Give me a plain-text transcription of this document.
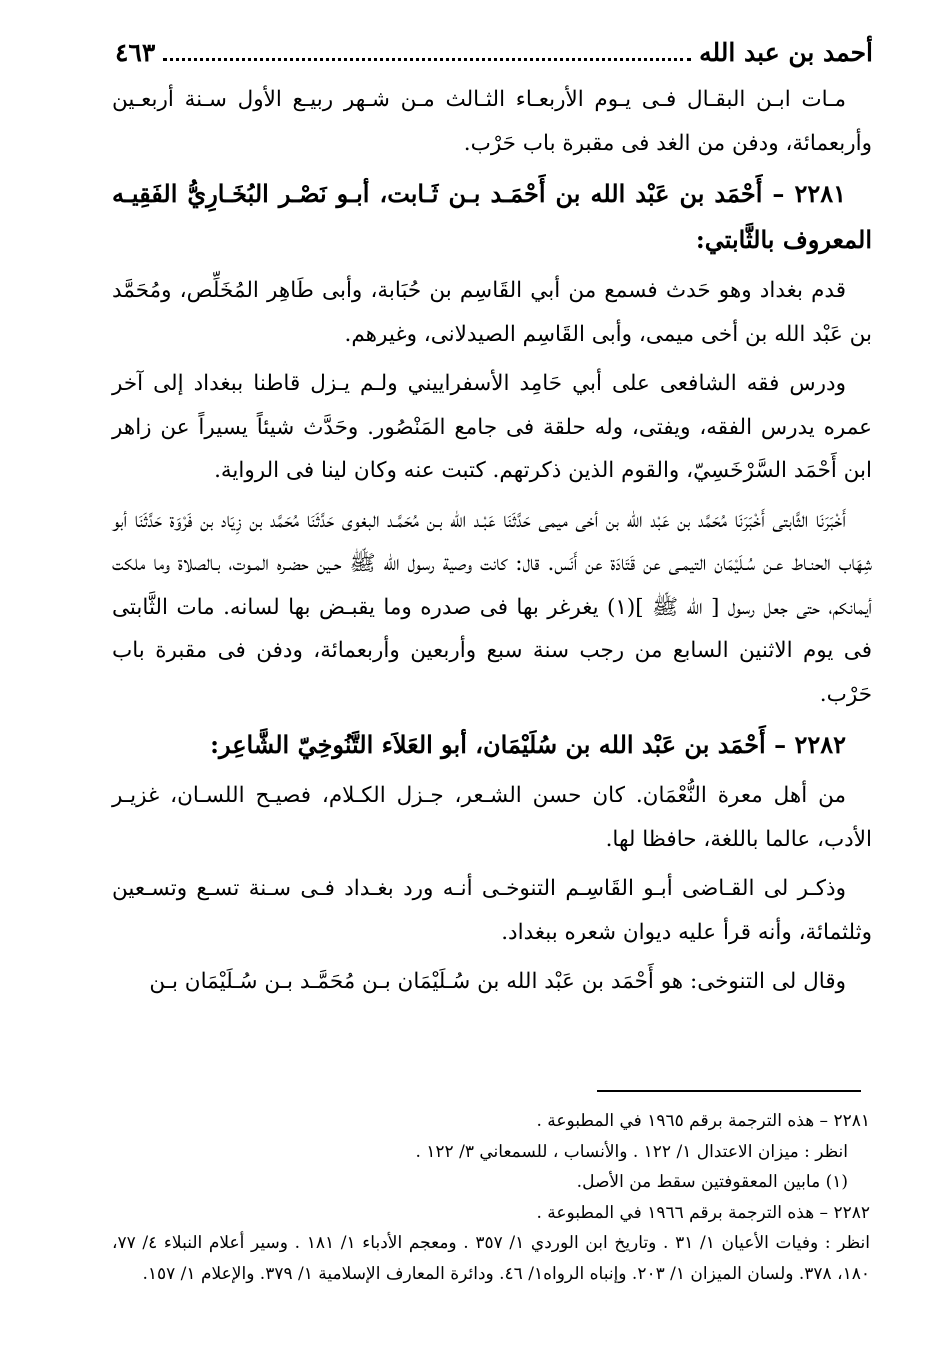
أحمد بن عبد الله
٤٦٣

مـات ابـن البقـال فـى يـوم الأربعـاء الثـالث مـن شـهر ربيـع الأول سـنة أربعـين وأربعمائة، ودفن من الغد فى مقبرة باب حَرْب.

٢٢٨١ – أَحْمَد بن عَبْد الله بن أَحْمَـد بـن ثَـابت، أبـو نَصْـر البُخَـارِيُّ الفَقِيـه المعروف بالثَّابتي:

قدم بغداد وهو حَدث فسمع من أبي القَاسِم بن حُبَابة، وأبى طَاهِر المُخَلِّص، ومُحَمَّد بن عَبْد الله بن أخى ميمى، وأبى القَاسِم الصيدلانى، وغيرهم.

ودرس فقه الشافعى على أبي حَامِد الأسفراييني ولـم يـزل قاطنا ببغداد إلى آخر عمره يدرس الفقه، ويفتى، وله حلقة فى جامع المَنْصُور. وحَدَّث شيئاً يسيراً عن زاهر ابن أَحْمَد السَّرْخَسِيّ، والقوم الذين ذكرتهم. كتبت عنه وكان لينا فى الرواية.

أَخْبَرَنَا الثَّابتى أَخْبَرَنَا مُحَمَّد بن عَبْد الله بن أخى ميمى حَدَّثَنَا عَبْـد الله بـن مُحَمَّـد البغوى حَدَّثَنَا مُحَمَّد بن زِيَاد بن فَرْوَة حَدَّثَنَا أبو شِهَاب الحنـاط عـن سُـلَيْمَان التيمـى عن قَتَادَة عن أَنَس. قال: كانت وصية رسول الله ﷺ حـين حضـره المـوت، بـالصلاة وما ملكت أيمانكم، حتى جعل رسول [ الله ﷺ ](١) يغرغر بها فى صدره وما يقبـض بها لسانه. مات الثَّابتى فى يوم الاثنين السابع من رجب سنة سبع وأربعين وأربعمائة، ودفن فى مقبرة باب حَرْب.

٢٢٨٢ – أَحْمَد بن عَبْد الله بن سُلَيْمَان، أبو العَلاَء التَّنُوخِيّ الشَّاعِر:

من أهل معرة النُّعْمَان. كان حسن الشـعر، جـزل الكـلام، فصيـح اللسـان، غزيـر الأدب، عالما باللغة، حافظا لها.

وذكـر لى القـاضى أبـو القَاسِـم التنوخـى أنـه ورد بغـداد فـى سـنة تسـع وتسـعين وثلثمائة، وأنه قرأ عليه ديوان شعره ببغداد.

وقال لى التنوخى: هو أَحْمَد بن عَبْد الله بن سُـلَيْمَان بـن مُحَمَّـد بـن سُـلَيْمَان بـن

٢٢٨١ – هذه الترجمة برقم ١٩٦٥ في المطبوعة .

انظر : ميزان الاعتدال ١/ ١٢٢ . والأنساب ، للسمعاني ٣/ ١٢٢ .

(١) مابين المعقوفتين سقط من الأصل.

٢٢٨٢ – هذه الترجمة برقم ١٩٦٦ في المطبوعة .

انظر : وفيات الأعيان ١/ ٣١ . وتاريخ ابن الوردي ١/ ٣٥٧ . ومعجم الأدباء ١/ ١٨١ . وسير أعلام النبلاء ٤/ ٧٧، ١٨٠، ٣٧٨. ولسان الميزان ١/ ٢٠٣. وإنباه الرواه١/ ٤٦. ودائرة المعارف الإسلامية ١/ ٣٧٩. والإعلام ١/ ١٥٧.
